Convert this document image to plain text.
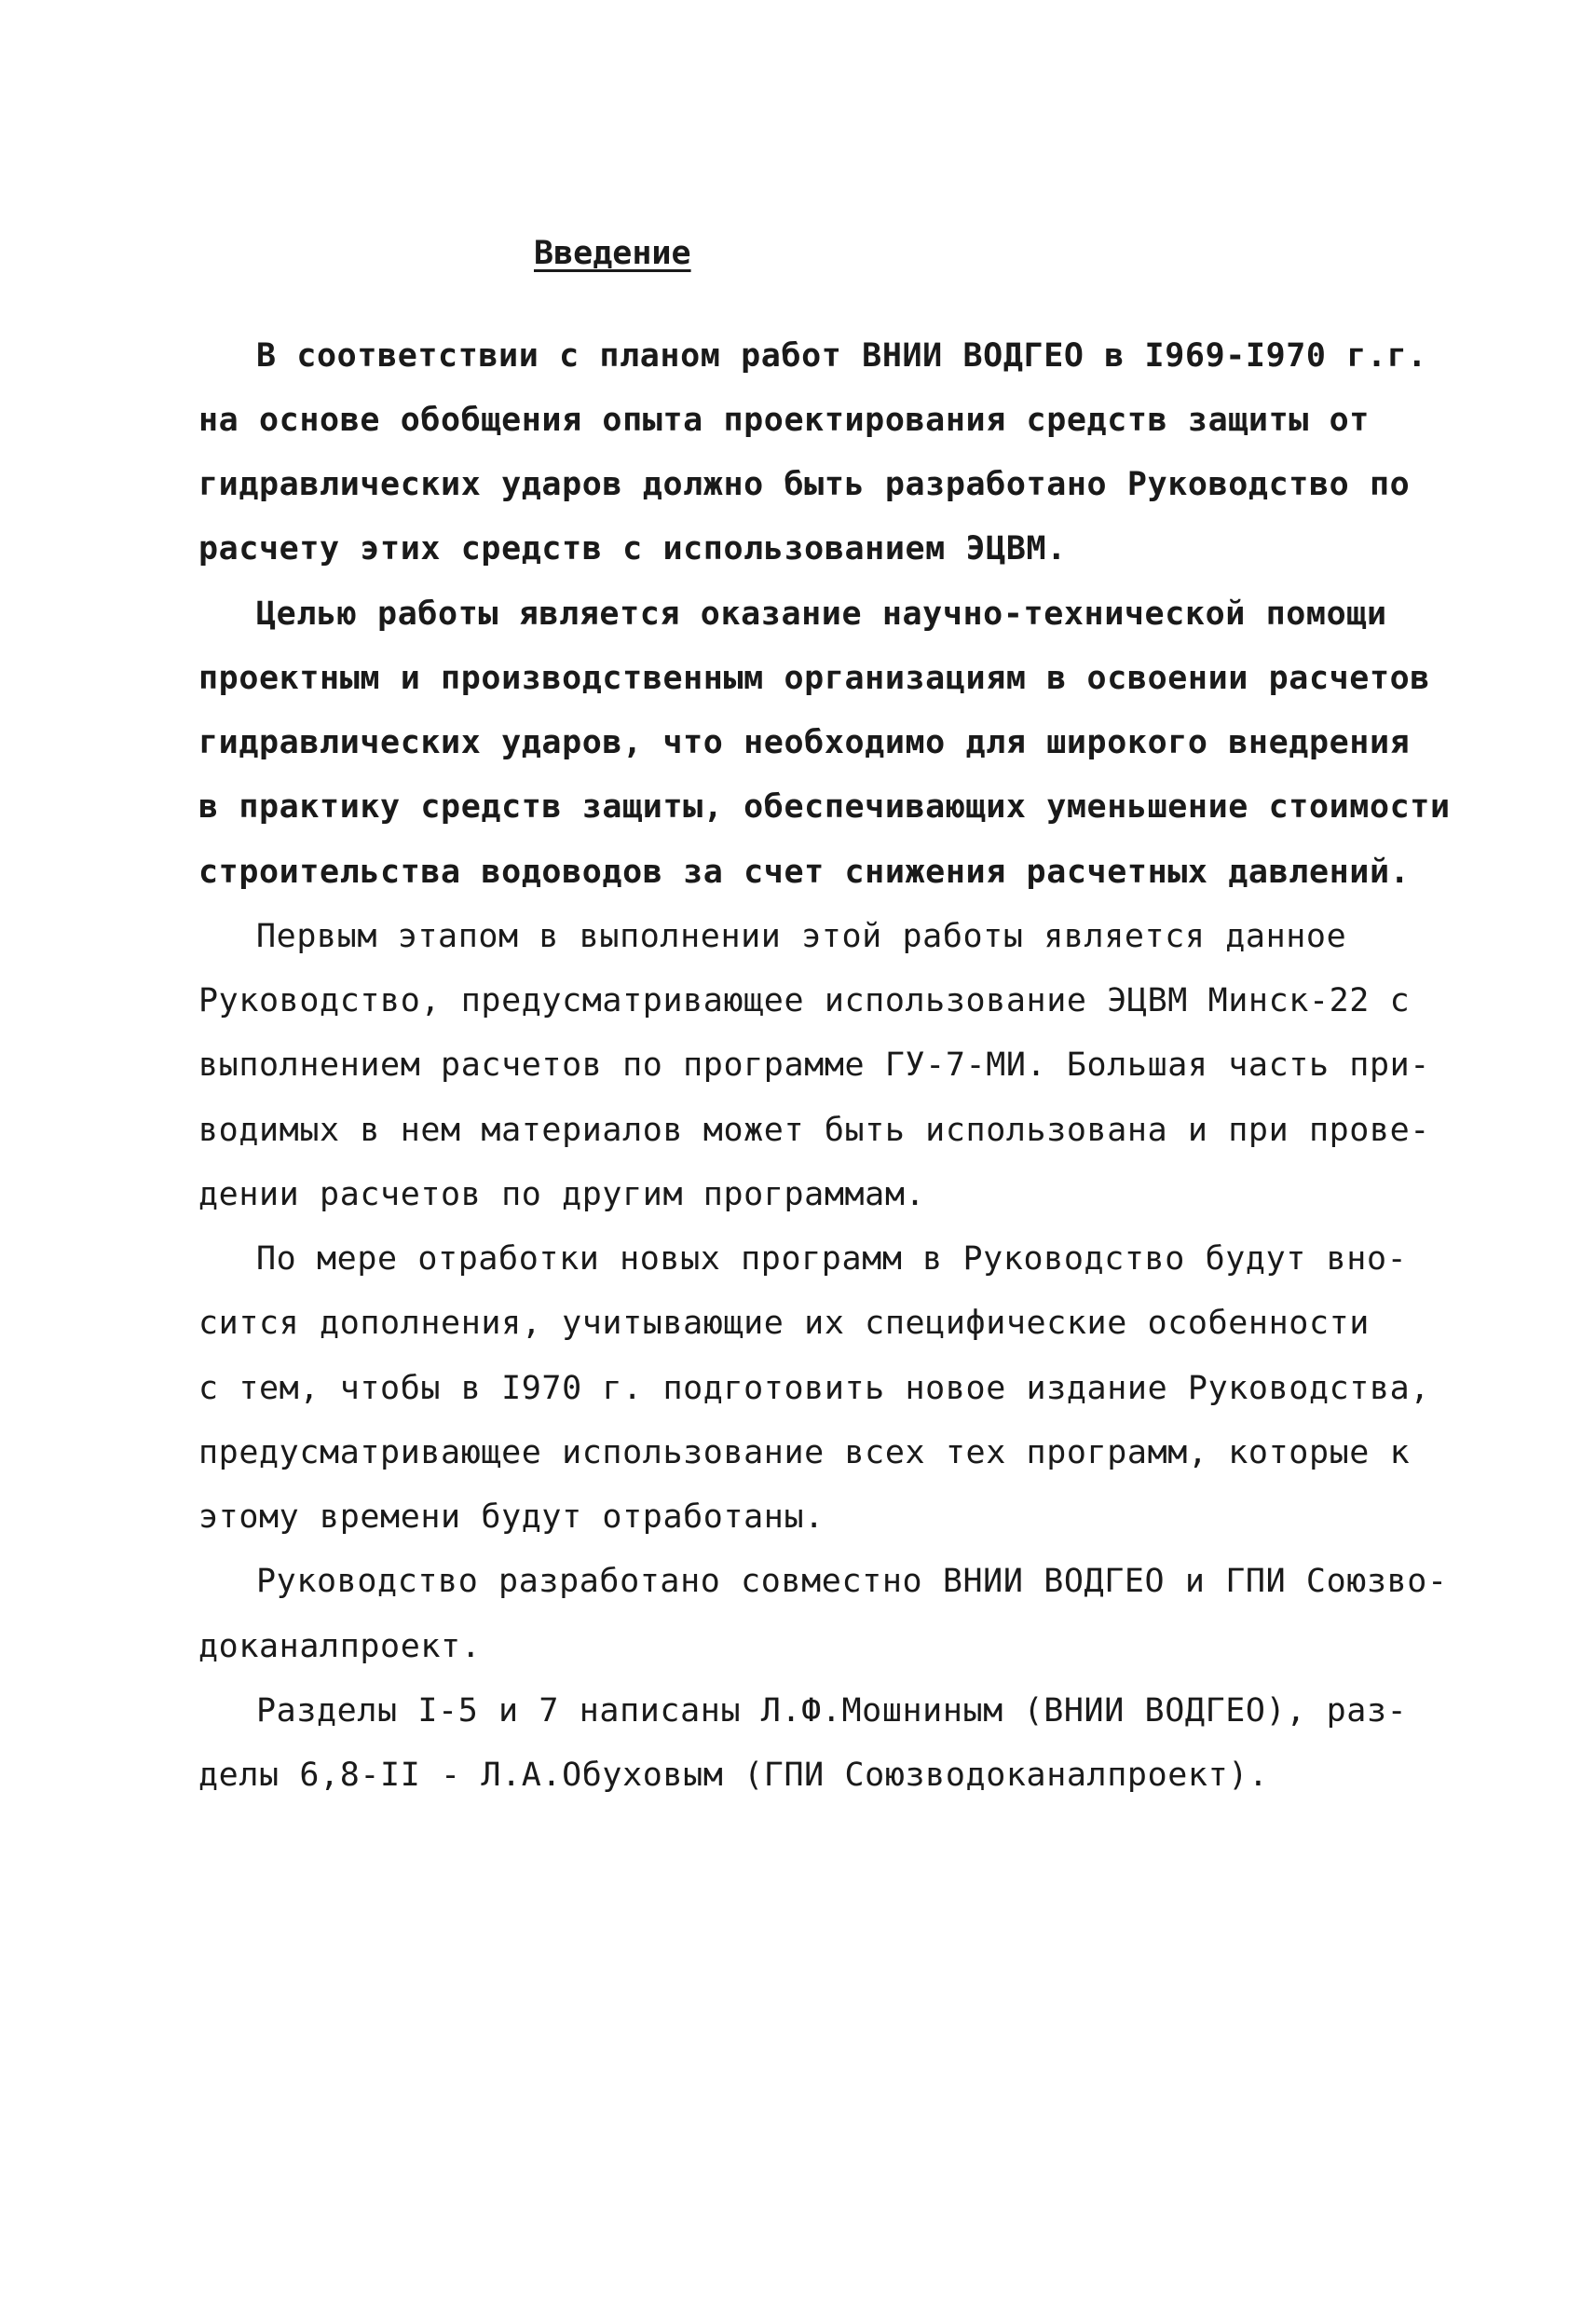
Введение
В соответствии с планом работ ВНИИ ВОДГЕО в I969-I970 г.г.
на основе обобщения опыта проектирования средств защиты от
гидравлических ударов должно быть разработано Руководство по
расчету этих средств с использованием ЭЦВМ.
Целью работы является оказание научно-технической помощи
проектным и производственным организациям в освоении расчетов
гидравлических ударов, что необходимо для широкого внедрения
в практику средств защиты, обеспечивающих уменьшение стоимости
строительства водоводов за счет снижения расчетных давлений.
Первым этапом в выполнении этой работы является данное
Руководство, предусматривающее использование ЭЦВМ Минск-22 с
выполнением расчетов по программе ГУ-7-МИ. Большая часть при-
водимых в нем материалов может быть использована и при прове-
дении расчетов по другим программам.
По мере отработки новых программ в Руководство будут вно-
сится дополнения, учитывающие их специфические особенности
с тем, чтобы в I970 г. подготовить новое издание Руководства,
предусматривающее использование всех тех программ, которые к
этому времени будут отработаны.
Руководство разработано совместно ВНИИ ВОДГЕО и ГПИ Союзво-
доканалпроект.
Разделы I-5 и 7 написаны Л.Ф.Мошниным (ВНИИ ВОДГЕО), раз-
делы 6,8-II - Л.А.Обуховым (ГПИ Союзводоканалпроект).
